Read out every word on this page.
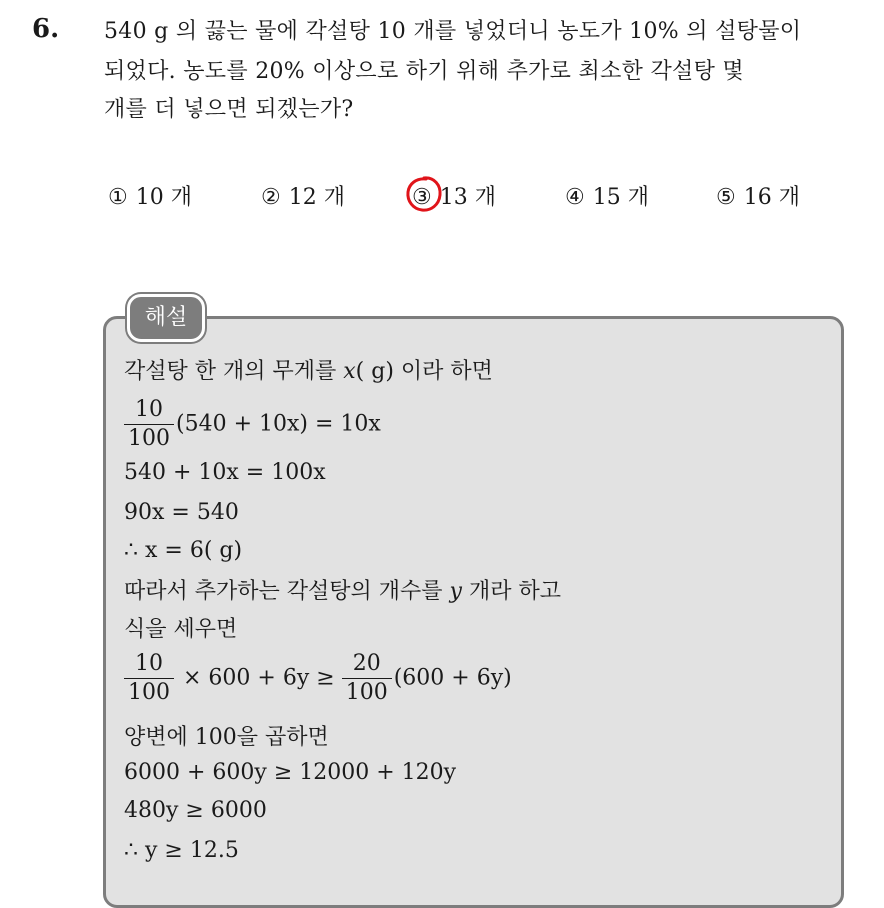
6. 540 g 의 끓는 물에 각설탕 10 개를 넣었더니 농도가 10% 의 설탕물이
되었다. 농도를 20% 이상으로 하기 위해 추가로 최소한 각설탕 몇
개를 더 넣으면 되겠는가?
① 10 개	② 12 개	③ 13 개	④ 15 개	⑤ 16 개
해설
각설탕 한 개의 무게를 x( g) 이라 하면
$\frac{10}{100} (540 + 10x) = 10x$
540 + 10x = 100x
90x = 540
∴ x = 6( g)
따라서 추가하는 각설탕의 개수를 y 개라 하고
식을 세우면
$\frac{10}{100} \times 600 + 6y \ge \frac{20}{100} (600 + 6y)$
양변에 100을 곱하면
6000 + 600y ≥ 12000 + 120y
480y ≥ 6000
∴ y ≥ 12.5
